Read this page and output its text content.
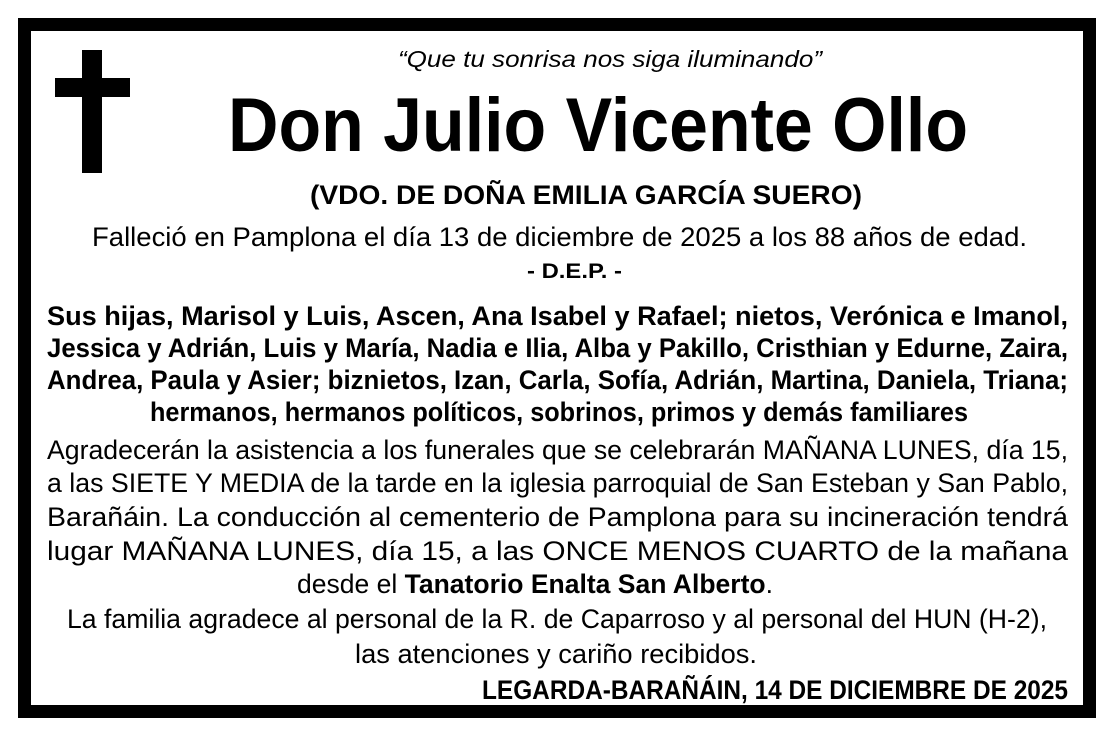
“Que tu sonrisa nos siga iluminando”
Don Julio Vicente Ollo
(VDO. DE DOÑA EMILIA GARCÍA SUERO)
Falleció en Pamplona el día 13 de diciembre de 2025 a los 88 años de edad.
- D.E.P. -
Sus hijas, Marisol y Luis, Ascen, Ana Isabel y Rafael; nietos, Verónica e Imanol,
Jessica y Adrián, Luis y María, Nadia e Ilia, Alba y Pakillo, Cristhian y Edurne, Zaira,
Andrea, Paula y Asier; biznietos, Izan, Carla, Sofía, Adrián, Martina, Daniela, Triana;
hermanos, hermanos políticos, sobrinos, primos y demás familiares
Agradecerán la asistencia a los funerales que se celebrarán MAÑANA LUNES, día 15,
a las SIETE Y MEDIA de la tarde en la iglesia parroquial de San Esteban y San Pablo,
Barañáin. La conducción al cementerio de Pamplona para su incineración tendrá
lugar MAÑANA LUNES, día 15, a las ONCE MENOS CUARTO de la mañana
desde el Tanatorio Enalta San Alberto.
La familia agradece al personal de la R. de Caparroso y al personal del HUN (H-2),
las atenciones y cariño recibidos.
LEGARDA-BARAÑÁIN, 14 DE DICIEMBRE DE 2025
